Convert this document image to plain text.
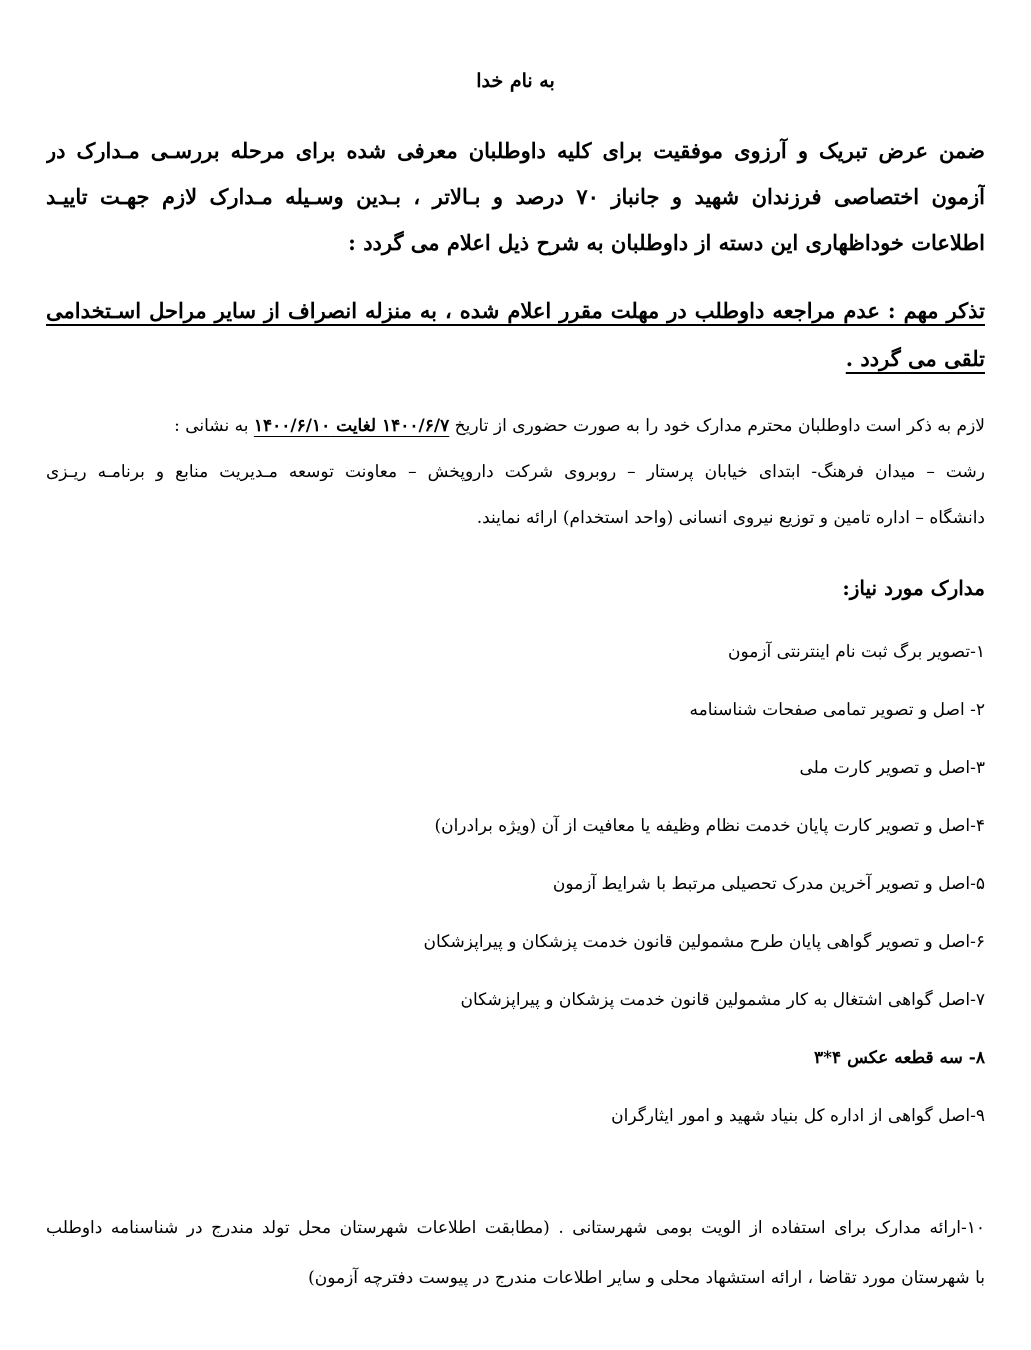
به نام خدا
ضمن عرض تبریک و آرزوی موفقیت برای کلیه داوطلبان معرفی شده برای مرحله بررسـی مـدارک در
آزمون اختصاصی فرزندان شهید و جانباز ۷۰ درصد و بـالاتر ، بـدین وسـیله مـدارک لازم جهـت تاییـد
اطلاعات خوداظهاری این دسته از داوطلبان به شرح ذیل اعلام می گردد :
تذکر مهم : عدم مراجعه داوطلب در مهلت مقرر اعلام شده ، به منزله انصراف از سایر مراحل اسـتخدامی
تلقی می گردد .
لازم به ذکر است داوطلبان محترم مدارک خود را به صورت حضوری از تاریخ ۱۴۰۰/۶/۷ لغایت ۱۴۰۰/۶/۱۰ به نشانی :
رشت – میدان فرهنگ- ابتدای خیابان پرستار – روبروی شرکت داروپخش – معاونت توسعه مـدیریت منابع و برنامـه ریـزی
دانشگاه – اداره تامین و توزیع نیروی انسانی (واحد استخدام) ارائه نمایند.
مدارک مورد نیاز:
۱-تصویر برگ ثبت نام اینترنتی آزمون
۲- اصل و تصویر تمامی صفحات شناسنامه
۳-اصل و تصویر کارت ملی
۴-اصل و تصویر کارت پایان خدمت نظام وظیفه یا معافیت از آن (ویژه برادران)
۵-اصل و تصویر آخرین مدرک تحصیلی مرتبط با شرایط آزمون
۶-اصل و تصویر گواهی پایان طرح مشمولین قانون خدمت پزشکان و پیراپزشکان
۷-اصل گواهی اشتغال به کار مشمولین قانون خدمت پزشکان و پیراپزشکان
۸- سه قطعه عکس ۴*۳
۹-اصل گواهی از اداره کل بنیاد شهید و امور ایثارگران
۱۰-ارائه مدارک برای استفاده از الویت بومی شهرستانی . (مطابقت اطلاعات شهرستان محل تولد مندرج در شناسنامه داوطلب
با شهرستان مورد تقاضا ، ارائه استشهاد محلی و سایر اطلاعات مندرج در پیوست دفترچه آزمون)
